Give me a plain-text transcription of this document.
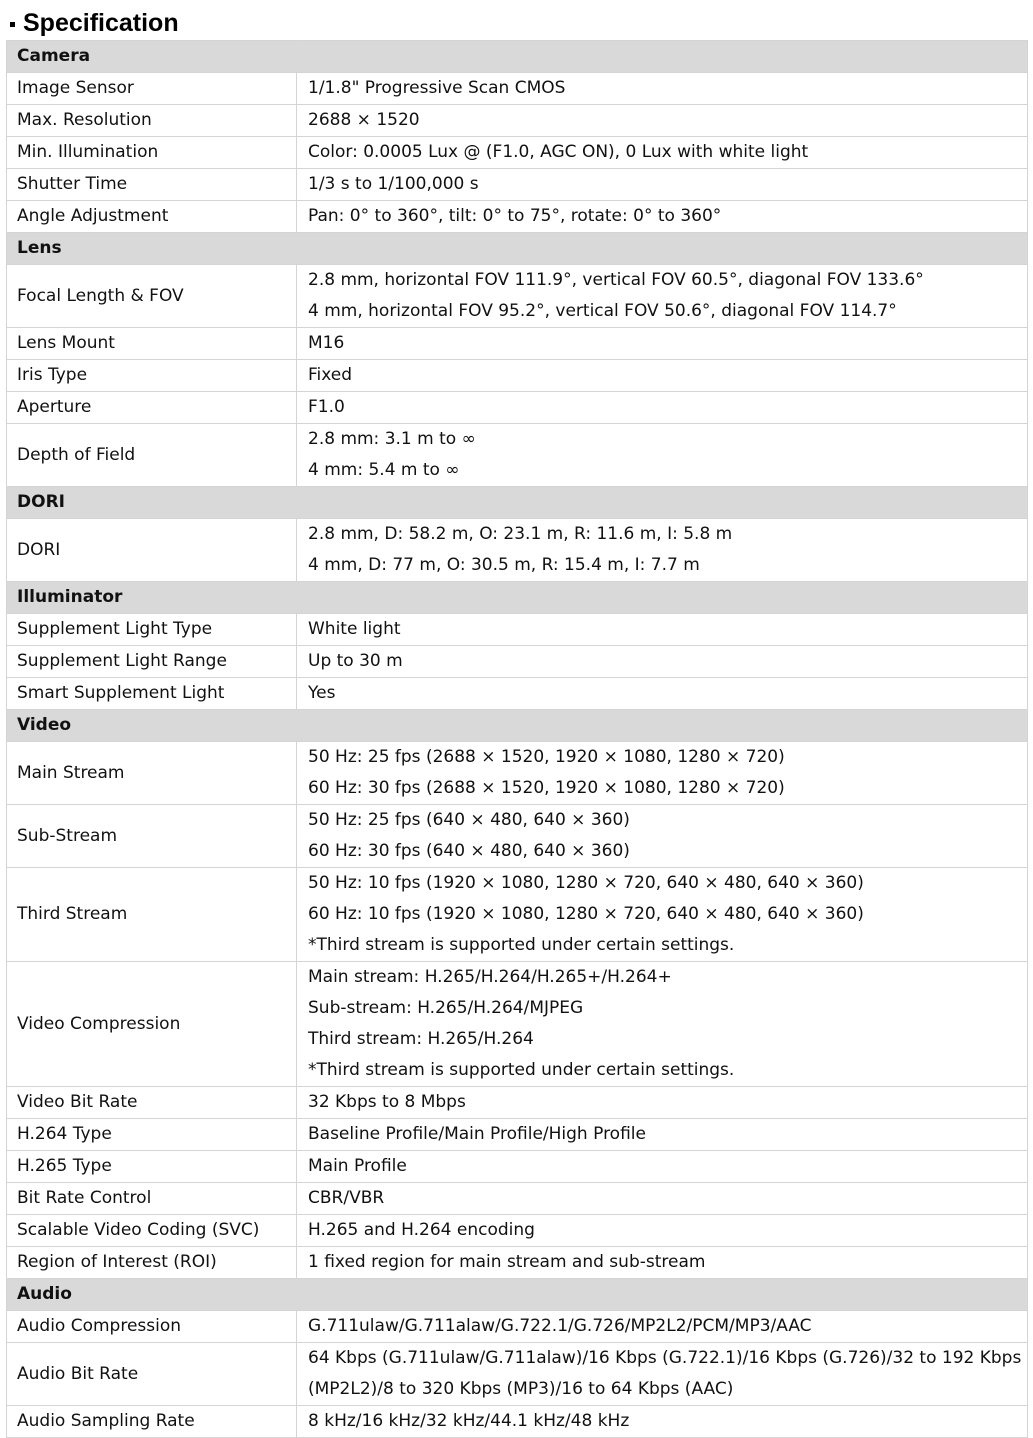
Specification
Camera	
Image Sensor	1/1.8" Progressive Scan CMOS

Max. Resolution	2688 × 1520

Min. Illumination	Color: 0.0005 Lux @ (F1.0, AGC ON), 0 Lux with white light

Shutter Time	1/3 s to 1/100,000 s

Angle Adjustment	Pan: 0° to 360°, tilt: 0° to 75°, rotate: 0° to 360°

Lens	
Focal Length & FOV	2.8 mm, horizontal FOV 111.9°, vertical FOV 60.5°, diagonal FOV 133.6°
4 mm, horizontal FOV 95.2°, vertical FOV 50.6°, diagonal FOV 114.7°

Lens Mount	M16

Iris Type	Fixed

Aperture	F1.0

Depth of Field	2.8 mm: 3.1 m to ∞
4 mm: 5.4 m to ∞

DORI	
DORI	2.8 mm, D: 58.2 m, O: 23.1 m, R: 11.6 m, I: 5.8 m
4 mm, D: 77 m, O: 30.5 m, R: 15.4 m, I: 7.7 m

Illuminator	
Supplement Light Type	White light

Supplement Light Range	Up to 30 m

Smart Supplement Light	Yes

Video	
Main Stream	50 Hz: 25 fps (2688 × 1520, 1920 × 1080, 1280 × 720)
60 Hz: 30 fps (2688 × 1520, 1920 × 1080, 1280 × 720)

Sub-Stream	50 Hz: 25 fps (640 × 480, 640 × 360)
60 Hz: 30 fps (640 × 480, 640 × 360)

Third Stream	50 Hz: 10 fps (1920 × 1080, 1280 × 720, 640 × 480, 640 × 360)
60 Hz: 10 fps (1920 × 1080, 1280 × 720, 640 × 480, 640 × 360)
*Third stream is supported under certain settings.

Video Compression	Main stream: H.265/H.264/H.265+/H.264+
Sub-stream: H.265/H.264/MJPEG
Third stream: H.265/H.264
*Third stream is supported under certain settings.

Video Bit Rate	32 Kbps to 8 Mbps

H.264 Type	Baseline Profile/Main Profile/High Profile

H.265 Type	Main Profile

Bit Rate Control	CBR/VBR

Scalable Video Coding (SVC)	H.265 and H.264 encoding

Region of Interest (ROI)	1 fixed region for main stream and sub-stream

Audio	
Audio Compression	G.711ulaw/G.711alaw/G.722.1/G.726/MP2L2/PCM/MP3/AAC

Audio Bit Rate	64 Kbps (G.711ulaw/G.711alaw)/16 Kbps (G.722.1)/16 Kbps (G.726)/32 to 192 Kbps
(MP2L2)/8 to 320 Kbps (MP3)/16 to 64 Kbps (AAC)

Audio Sampling Rate	8 kHz/16 kHz/32 kHz/44.1 kHz/48 kHz
